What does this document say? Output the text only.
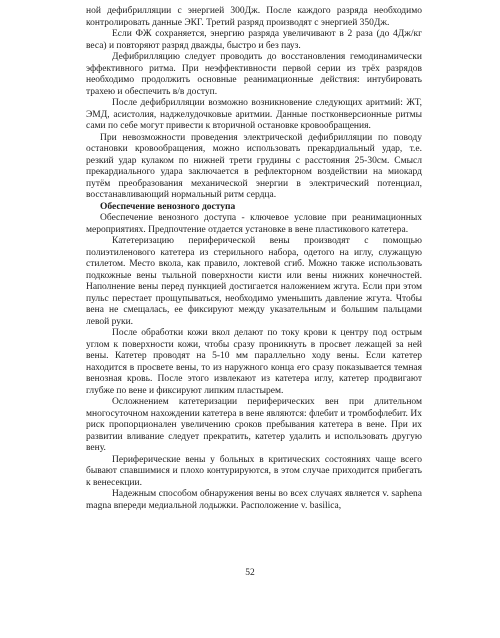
ной дефибрилляции с энергией 300Дж. После каждого разряда необходимо контролировать данные ЭКГ. Третий разряд производят с энергией 350Дж.

Если ФЖ сохраняется, энергию разряда увеличивают в 2 раза (до 4Дж/кг веса) и повторяют разряд дважды, быстро и без пауз.

Дефибрилляцию следует проводить до восстановления гемодинамически эффективного ритма. При неэффективности первой серии из трёх разрядов необходимо продолжить основные реанимационные действия: интубировать трахею и обеспечить в/в доступ.

После дефибрилляции возможно возникновение следующих аритмий: ЖТ, ЭМД, асистолия, наджелудочковые аритмии. Данные постконверсионные ритмы сами по себе могут привести к вторичной остановке кровообращения.

При невозможности проведения электрической дефибрилляции по поводу остановки кровообращения, можно использовать прекардиальный удар, т.е. резкий удар кулаком по нижней трети грудины с расстояния 25-30см. Смысл прекардиального удара заключается в рефлекторном воздействии на миокард путём преобразования механической энергии в электрический потенциал, восстанавливающий нормальный ритм сердца.

Обеспечение венозного доступа

Обеспечение венозного доступа - ключевое условие при реанимационных мероприятиях. Предпочтение отдается установке в вене пластикового катетера.

Катетеризацию периферической вены производят с помощью полиэтиленового катетера из стерильного набора, одетого на иглу, служащую стилетом. Место вкола, как правило, локтевой сгиб. Можно также использовать подкожные вены тыльной поверхности кисти или вены нижних конечностей. Наполнение вены перед пункцией достигается наложением жгута. Если при этом пульс перестает прощупываться, необходимо уменьшить давление жгута. Чтобы вена не смещалась, ее фиксируют между указательным и большим пальцами левой руки.

После обработки кожи вкол делают по току крови к центру под острым углом к поверхности кожи, чтобы сразу проникнуть в просвет лежащей за ней вены. Катетер проводят на 5-10 мм параллельно ходу вены. Если катетер находится в просвете вены, то из наружного конца его сразу показывается темная венозная кровь. После этого извлекают из катетера иглу, катетер продвигают глубже по вене и фиксируют липким пластырем.

Осложнением катетеризации периферических вен при длительном многосуточном нахождении катетера в вене являются: флебит и тромбофлебит. Их риск пропорционален увеличению сроков пребывания катетера в вене. При их развитии вливание следует прекратить, катетер удалить и использовать другую вену.

Периферические вены у больных в критических состояниях чаще всего бывают спавшимися и плохо контурируются, в этом случае приходится прибегать к венесекции.

Надежным способом обнаружения вены во всех случаях является v. saphena magna впереди медиальной лодыжки. Расположение v. basilica,

52
